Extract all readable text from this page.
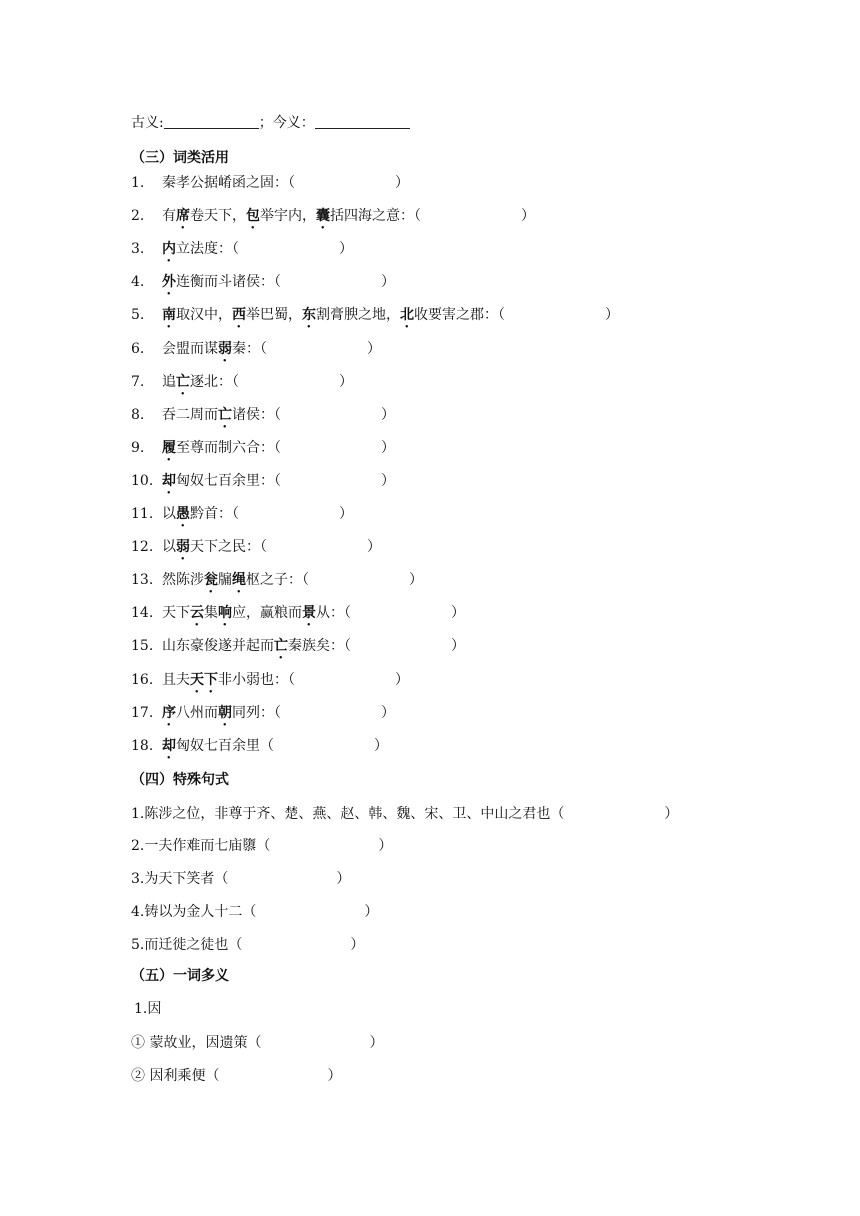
古义:	；今义：
（三）词类活用
1. 秦孝公据崤函之固：（	）
2. 有席卷天下，包举宇内，囊括四海之意：（	）
3. 内立法度：（	）
4. 外连衡而斗诸侯：（	）
5. 南取汉中，西举巴蜀，东割膏腴之地，北收要害之郡：（	）
6. 会盟而谋弱秦：（	）
7. 追亡逐北：（	）
8. 吞二周而亡诸侯：（	）
9. 履至尊而制六合：（	）
10. 却匈奴七百余里：（	）
11. 以愚黔首：（	）
12. 以弱天下之民：（	）
13. 然陈涉瓮牖绳枢之子：（	）
14. 天下云集响应，赢粮而景从：（	）
15. 山东豪俊遂并起而亡秦族矣：（	）
16. 且夫天下非小弱也：（	）
17. 序八州而朝同列：（	）
18. 却匈奴七百余里（	）
（四）特殊句式
1.陈涉之位，非尊于齐、楚、燕、赵、韩、魏、宋、卫、中山之君也（	）
2.一夫作难而七庙隳（	）
3.为天下笑者（	）
4.铸以为金人十二（	）
5.而迁徙之徒也（	）
（五）一词多义
1.因
① 蒙故业，因遗策（	）
② 因利乘便（	）
